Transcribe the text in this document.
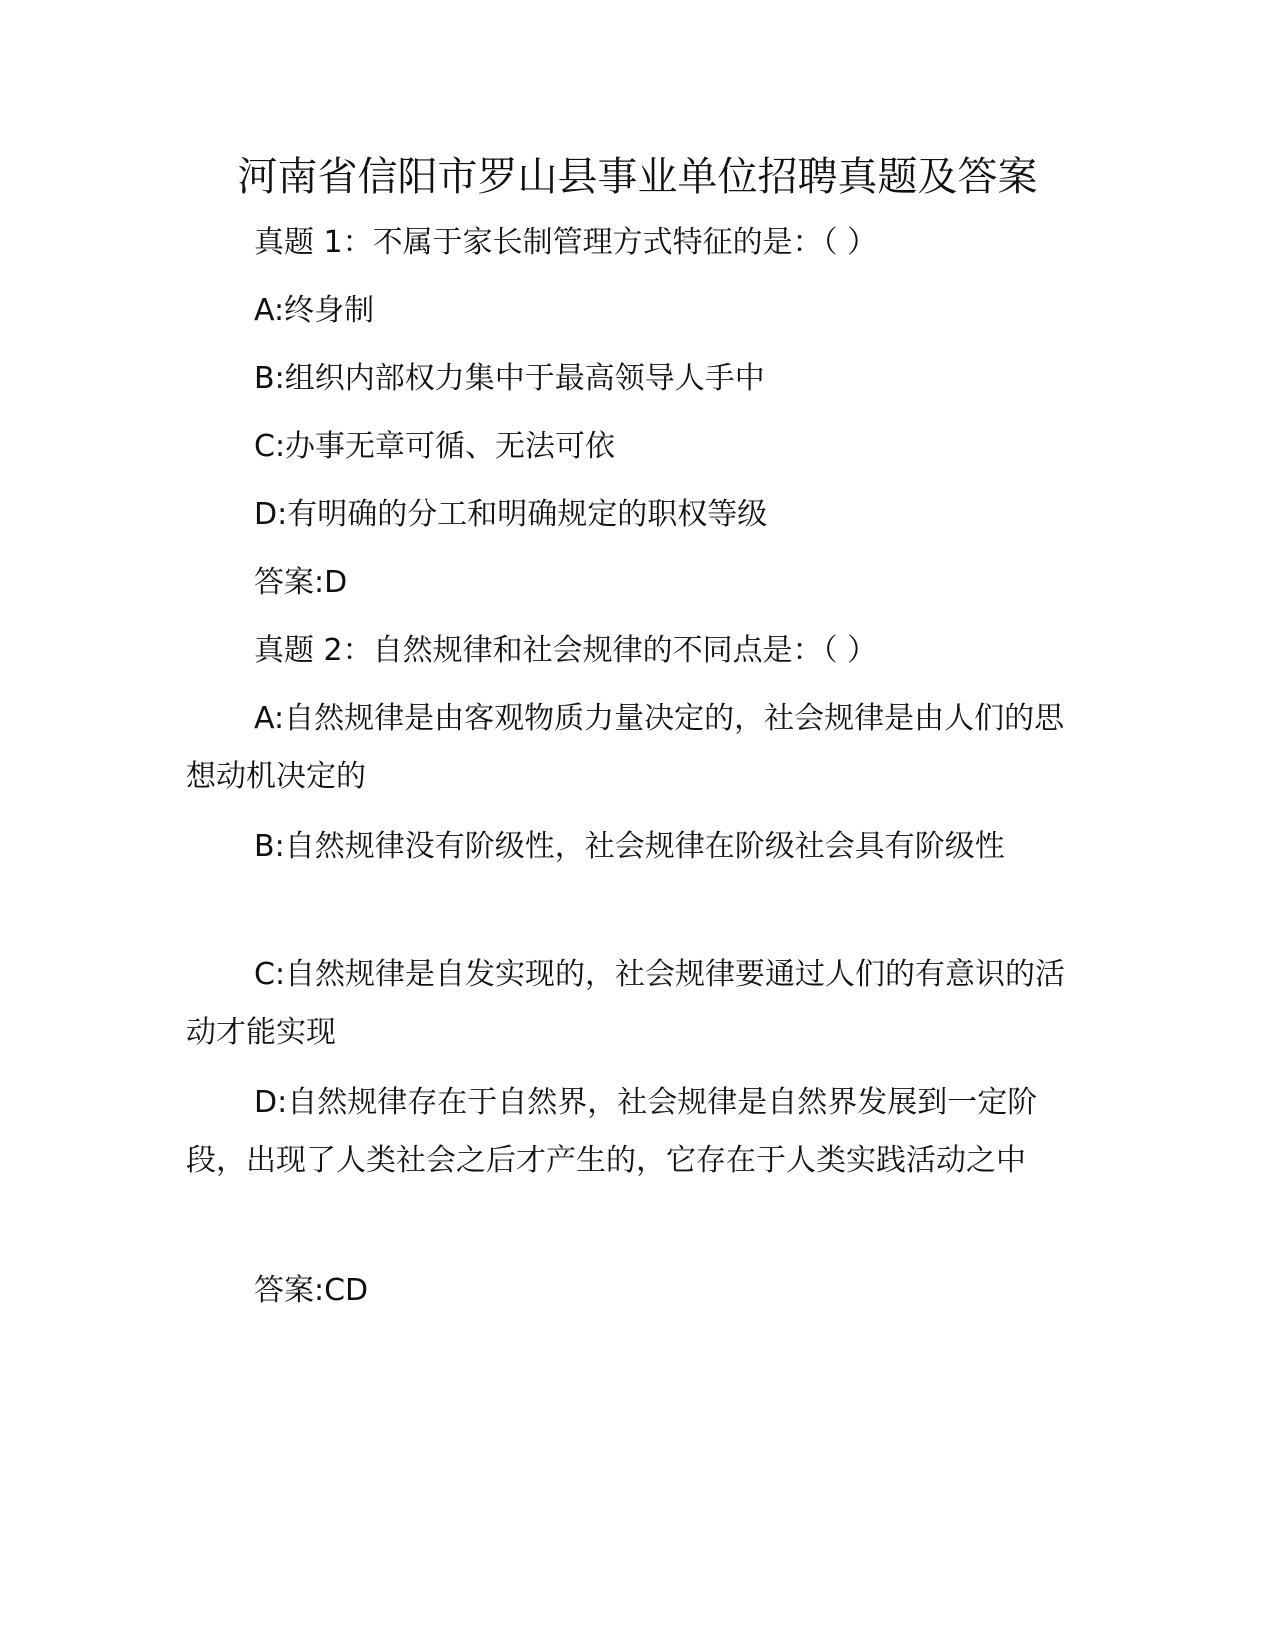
河南省信阳市罗山县事业单位招聘真题及答案
真题 1：不属于家长制管理方式特征的是：（ ）
A:终身制
B:组织内部权力集中于最高领导人手中
C:办事无章可循、无法可依
D:有明确的分工和明确规定的职权等级
答案:D
真题 2：自然规律和社会规律的不同点是：（ ）
A:自然规律是由客观物质力量决定的，社会规律是由人们的思想动机决定的
B:自然规律没有阶级性，社会规律在阶级社会具有阶级性
C:自然规律是自发实现的，社会规律要通过人们的有意识的活动才能实现
D:自然规律存在于自然界，社会规律是自然界发展到一定阶段，出现了人类社会之后才产生的，它存在于人类实践活动之中
答案:CD
